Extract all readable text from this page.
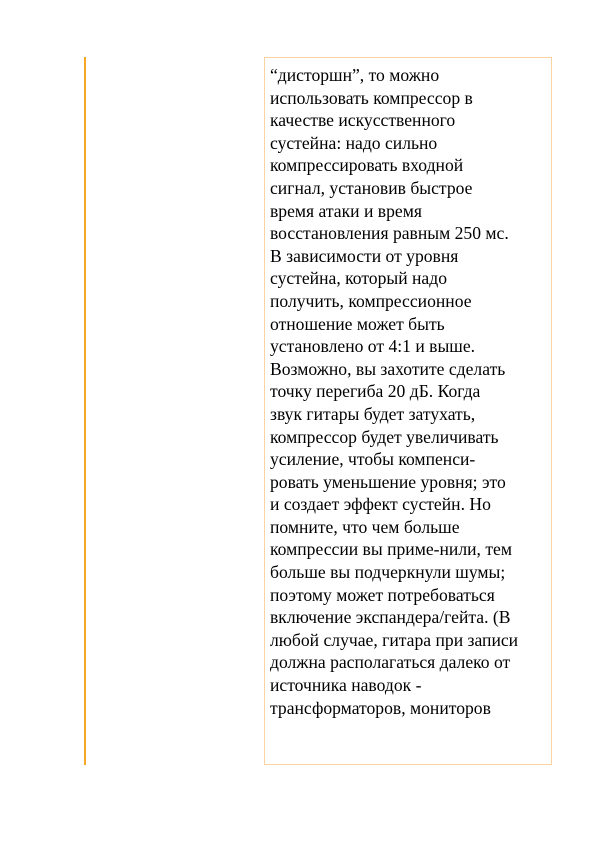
“дисторшн”, то можно
использовать компрессор в
качестве искусственного
сустейна: надо сильно
компрессировать входной
сигнал, установив быстрое
время атаки и время
восстановления равным 250 мс.
В зависимости от уровня
сустейна, который надо
получить, компрессионное
отношение может быть
установлено от 4:1 и выше.
Возможно, вы захотите сделать
точку перегиба 20 дБ. Когда
звук гитары будет затухать,
компрессор будет увеличивать
усиление, чтобы компенси-
ровать уменьшение уровня; это
и создает эффект сустейн. Но
помните, что чем больше
компрессии вы приме-нили, тем
больше вы подчеркнули шумы;
поэтому может потребоваться
включение экспандера/гейта. (В
любой случае, гитара при записи
должна располагаться далеко от
источника наводок -
трансформаторов, мониторов
